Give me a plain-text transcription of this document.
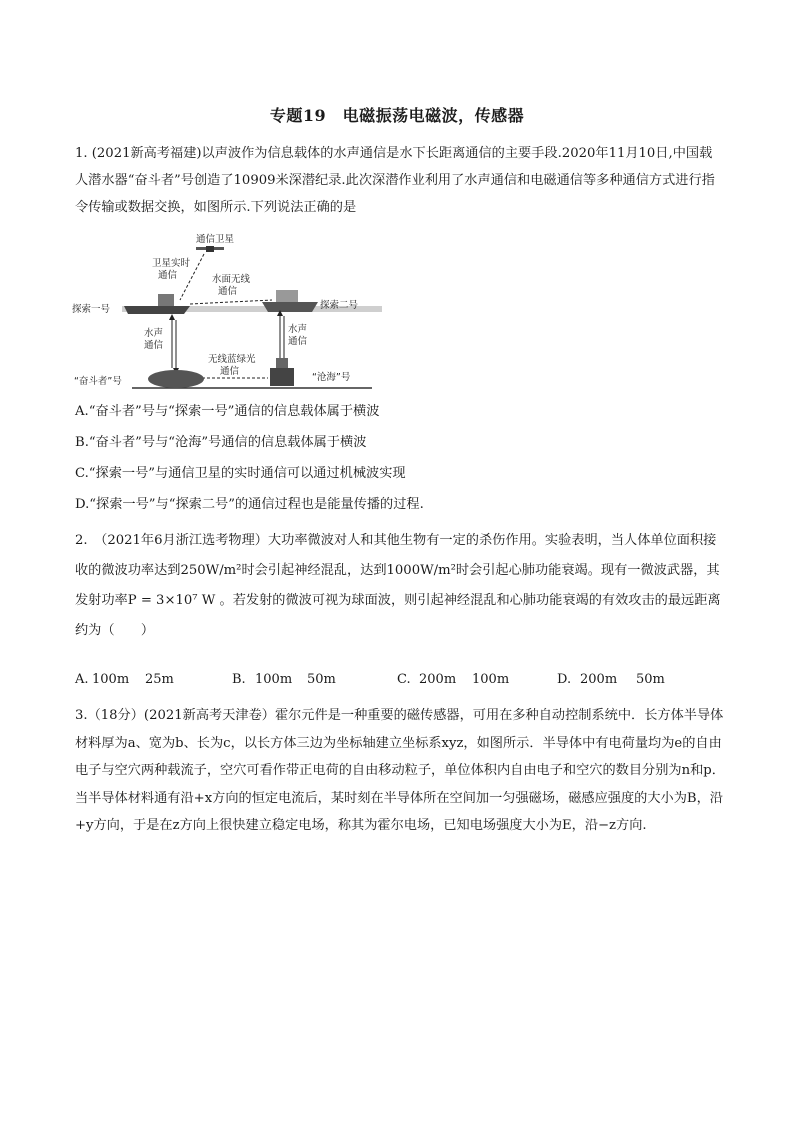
专题19　电磁振荡电磁波，传感器
1. (2021新高考福建)以声波作为信息载体的水声通信是水下长距离通信的主要手段.2020年11月10日,中国载人潜水器“奋斗者”号创造了10909米深潜纪录.此次深潜作业利用了水声通信和电磁通信等多种通信方式进行指令传输或数据交换，如图所示.下列说法正确的是
通信卫星
卫星实时
通信	水面无线
通信
探索一号	探索二号
水声
通信
水声
通信
无线蓝绿光
通信
“奋斗者”号	“沧海”号
A.“奋斗者”号与“探索一号”通信的信息载体属于横波
B.“奋斗者”号与“沧海”号通信的信息载体属于横波
C.“探索一号”与通信卫星的实时通信可以通过机械波实现
D.“探索一号”与“探索二号”的通信过程也是能量传播的过程.
2.　（2021年6月浙江选考物理）大功率微波对人和其他生物有一定的杀伤作用。实验表明，当人体单位面积接收的微波功率达到250W/m²时会引起神经混乱，达到1000W/m²时会引起心肺功能衰竭。现有一微波武器，其发射功率P = 3×10⁷ W 。若发射的微波可视为球面波，则引起神经混乱和心肺功能衰竭的有效攻击的最远距离约为（　　）
A. 100m 25m	B. 100m 50m	C. 200m 100m	D. 200m 50m
3.（18分）(2021新高考天津卷）霍尔元件是一种重要的磁传感器，可用在多种自动控制系统中．长方体半导体材料厚为a、宽为b、长为c，以长方体三边为坐标轴建立坐标系xyz，如图所示．半导体中有电荷量均为e的自由电子与空穴两种载流子，空穴可看作带正电荷的自由移动粒子，单位体积内自由电子和空穴的数目分别为n和p．当半导体材料通有沿+x方向的恒定电流后，某时刻在半导体所在空间加一匀强磁场，磁感应强度的大小为B，沿+y方向，于是在z方向上很快建立稳定电场，称其为霍尔电场，已知电场强度大小为E，沿−z方向.
